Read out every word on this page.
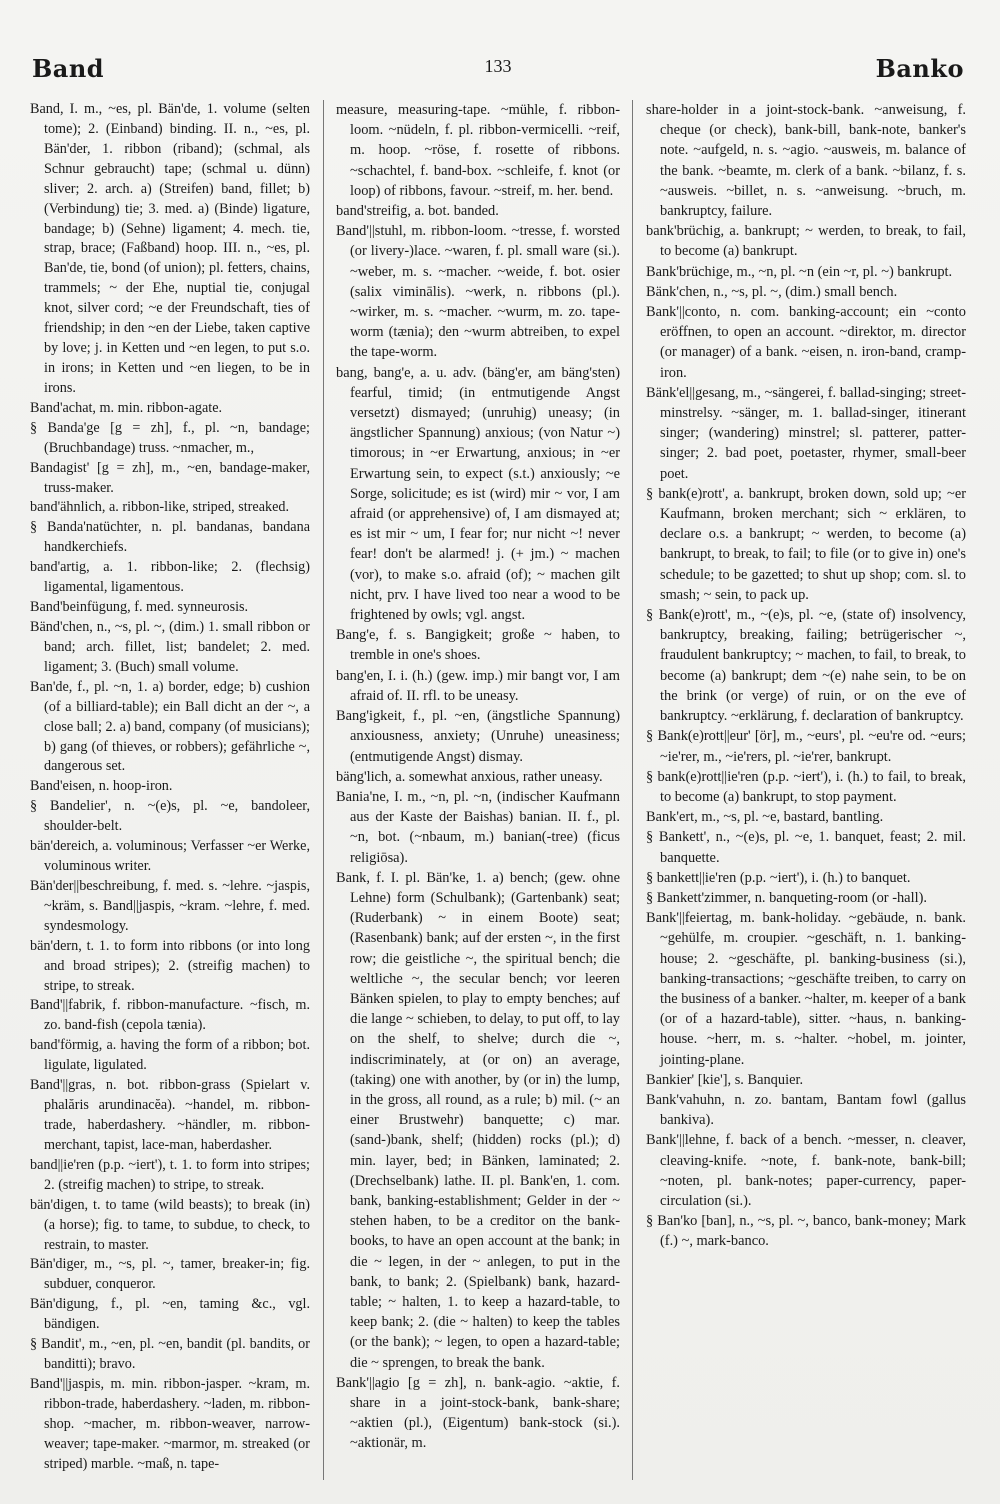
Band	133	Banko

Band, I. m., ~es, pl. Bän'de, 1. volume (selten tome); 2. (Einband) binding. II. n., ~es, pl. Bän'der, 1. ribbon (riband); (schmal, als Schnur gebraucht) tape; (schmal u. dünn) sliver; 2. arch. a) (Streifen) band, fillet; b) (Verbindung) tie; 3. med. a) (Binde) ligature, bandage; b) (Sehne) ligament; 4. mech. tie, strap, brace; (Faßband) hoop. III. n., ~es, pl. Ban'de, tie, bond (of union); pl. fetters, chains, trammels; ~ der Ehe, nuptial tie, conjugal knot, silver cord; ~e der Freundschaft, ties of friendship; in den ~en der Liebe, taken captive by love; j. in Ketten und ~en legen, to put s.o. in irons; in Ketten und ~en liegen, to be in irons.

Band'achat, m. min. ribbon-agate.

§ Banda'ge [g = zh], f., pl. ~n, bandage; (Bruchbandage) truss. ~nmacher, m.,

Bandagist' [g = zh], m., ~en, bandage-maker, truss-maker.

band'ähnlich, a. ribbon-like, striped, streaked.

§ Banda'natüchter, n. pl. bandanas, bandana handkerchiefs.

band'artig, a. 1. ribbon-like; 2. (flechsig) ligamental, ligamentous.

Band'beinfügung, f. med. synneurosis.

Bänd'chen, n., ~s, pl. ~, (dim.) 1. small ribbon or band; arch. fillet, list; bandelet; 2. med. ligament; 3. (Buch) small volume.

Ban'de, f., pl. ~n, 1. a) border, edge; b) cushion (of a billiard-table); ein Ball dicht an der ~, a close ball; 2. a) band, company (of musicians); b) gang (of thieves, or robbers); gefährliche ~, dangerous set.

Band'eisen, n. hoop-iron.

§ Bandelier', n. ~(e)s, pl. ~e, bandoleer, shoulder-belt.

bän'dereich, a. voluminous; Verfasser ~er Werke, voluminous writer.

Bän'der||beschreibung, f. med. s. ~lehre. ~jaspis, ~kräm, s. Band||jaspis, ~kram. ~lehre, f. med. syndesmology.

bän'dern, t. 1. to form into ribbons (or into long and broad stripes); 2. (streifig machen) to stripe, to streak.

Band'||fabrik, f. ribbon-manufacture. ~fisch, m. zo. band-fish (cepola tænia).

band'förmig, a. having the form of a ribbon; bot. ligulate, ligulated.

Band'||gras, n. bot. ribbon-grass (Spielart v. phalăris arundinacĕa). ~handel, m. ribbon-trade, haberdashery. ~händler, m. ribbon-merchant, tapist, lace-man, haberdasher.

band||ie'ren (p.p. ~iert'), t. 1. to form into stripes; 2. (streifig machen) to stripe, to streak.

bän'digen, t. to tame (wild beasts); to break (in) (a horse); fig. to tame, to subdue, to check, to restrain, to master.

Bän'diger, m., ~s, pl. ~, tamer, breaker-in; fig. subduer, conqueror.

Bän'digung, f., pl. ~en, taming &c., vgl. bändigen.

§ Bandit', m., ~en, pl. ~en, bandit (pl. bandits, or banditti); bravo.

Band'||jaspis, m. min. ribbon-jasper. ~kram, m. ribbon-trade, haberdashery. ~laden, m. ribbon-shop. ~macher, m. ribbon-weaver, narrow-weaver; tape-maker. ~marmor, m. streaked (or striped) marble. ~maß, n. tape-

measure, measuring-tape. ~mühle, f. ribbon-loom. ~nüdeln, f. pl. ribbon-vermicelli. ~reif, m. hoop. ~röse, f. rosette of ribbons. ~schachtel, f. band-box. ~schleife, f. knot (or loop) of ribbons, favour. ~streif, m. her. bend.

band'streifig, a. bot. banded.

Band'||stuhl, m. ribbon-loom. ~tresse, f. worsted (or livery-)lace. ~waren, f. pl. small ware (si.). ~weber, m. s. ~macher. ~weide, f. bot. osier (salix viminālis). ~werk, n. ribbons (pl.). ~wirker, m. s. ~macher. ~wurm, m. zo. tape-worm (tænia); den ~wurm abtreiben, to expel the tape-worm.

bang, bang'e, a. u. adv. (bäng'er, am bäng'sten) fearful, timid; (in entmutigende Angst versetzt) dismayed; (unruhig) uneasy; (in ängstlicher Spannung) anxious; (von Natur ~) timorous; in ~er Erwartung, anxious; in ~er Erwartung sein, to expect (s.t.) anxiously; ~e Sorge, solicitude; es ist (wird) mir ~ vor, I am afraid (or apprehensive) of, I am dismayed at; es ist mir ~ um, I fear for; nur nicht ~! never fear! don't be alarmed! j. (+ jm.) ~ machen (vor), to make s.o. afraid (of); ~ machen gilt nicht, prv. I have lived too near a wood to be frightened by owls; vgl. angst.

Bang'e, f. s. Bangigkeit; große ~ haben, to tremble in one's shoes.

bang'en, I. i. (h.) (gew. imp.) mir bangt vor, I am afraid of. II. rfl. to be uneasy.

Bang'igkeit, f., pl. ~en, (ängstliche Spannung) anxiousness, anxiety; (Unruhe) uneasiness; (entmutigende Angst) dismay.

bäng'lich, a. somewhat anxious, rather uneasy.

Bania'ne, I. m., ~n, pl. ~n, (indischer Kaufmann aus der Kaste der Baishas) banian. II. f., pl. ~n, bot. (~nbaum, m.) banian(-tree) (ficus religiōsa).

Bank, f. I. pl. Bän'ke, 1. a) bench; (gew. ohne Lehne) form (Schulbank); (Gartenbank) seat; (Ruderbank) ~ in einem Boote) seat; (Rasenbank) bank; auf der ersten ~, in the first row; die geistliche ~, the spiritual bench; die weltliche ~, the secular bench; vor leeren Bänken spielen, to play to empty benches; auf die lange ~ schieben, to delay, to put off, to lay on the shelf, to shelve; durch die ~, indiscriminately, at (or on) an average, (taking) one with another, by (or in) the lump, in the gross, all round, as a rule; b) mil. (~ an einer Brustwehr) banquette; c) mar. (sand-)bank, shelf; (hidden) rocks (pl.); d) min. layer, bed; in Bänken, laminated; 2. (Drechselbank) lathe. II. pl. Bank'en, 1. com. bank, banking-establishment; Gelder in der ~ stehen haben, to be a creditor on the bank-books, to have an open account at the bank; in die ~ legen, in der ~ anlegen, to put in the bank, to bank; 2. (Spielbank) bank, hazard-table; ~ halten, 1. to keep a hazard-table, to keep bank; 2. (die ~ halten) to keep the tables (or the bank); ~ legen, to open a hazard-table; die ~ sprengen, to break the bank.

Bank'||agio [g = zh], n. bank-agio. ~aktie, f. share in a joint-stock-bank, bank-share; ~aktien (pl.), (Eigentum) bank-stock (si.). ~aktionär, m.

share-holder in a joint-stock-bank. ~anweisung, f. cheque (or check), bank-bill, bank-note, banker's note. ~aufgeld, n. s. ~agio. ~ausweis, m. balance of the bank. ~beamte, m. clerk of a bank. ~bilanz, f. s. ~ausweis. ~billet, n. s. ~anweisung. ~bruch, m. bankruptcy, failure.

bank'brüchig, a. bankrupt; ~ werden, to break, to fail, to become (a) bankrupt.

Bank'brüchige, m., ~n, pl. ~n (ein ~r, pl. ~) bankrupt.

Bänk'chen, n., ~s, pl. ~, (dim.) small bench.

Bank'||conto, n. com. banking-account; ein ~conto eröffnen, to open an account. ~direktor, m. director (or manager) of a bank. ~eisen, n. iron-band, cramp-iron.

Bänk'el||gesang, m., ~sängerei, f. ballad-singing; street-minstrelsy. ~sänger, m. 1. ballad-singer, itinerant singer; (wandering) minstrel; sl. patterer, patter-singer; 2. bad poet, poetaster, rhymer, small-beer poet.

§ bank(e)rott', a. bankrupt, broken down, sold up; ~er Kaufmann, broken merchant; sich ~ erklären, to declare o.s. a bankrupt; ~ werden, to become (a) bankrupt, to break, to fail; to file (or to give in) one's schedule; to be gazetted; to shut up shop; com. sl. to smash; ~ sein, to pack up.

§ Bank(e)rott', m., ~(e)s, pl. ~e, (state of) insolvency, bankruptcy, breaking, failing; betrügerischer ~, fraudulent bankruptcy; ~ machen, to fail, to break, to become (a) bankrupt; dem ~(e) nahe sein, to be on the brink (or verge) of ruin, or on the eve of bankruptcy. ~erklärung, f. declaration of bankruptcy.

§ Bank(e)rott||eur' [ör], m., ~eurs', pl. ~eu're od. ~eurs; ~ie'rer, m., ~ie'rers, pl. ~ie'rer, bankrupt.

§ bank(e)rott||ie'ren (p.p. ~iert'), i. (h.) to fail, to break, to become (a) bankrupt, to stop payment.

Bank'ert, m., ~s, pl. ~e, bastard, bantling.

§ Bankett', n., ~(e)s, pl. ~e, 1. banquet, feast; 2. mil. banquette.

§ bankett||ie'ren (p.p. ~iert'), i. (h.) to banquet.

§ Bankett'zimmer, n. banqueting-room (or -hall).

Bank'||feiertag, m. bank-holiday. ~gebäude, n. bank. ~gehülfe, m. croupier. ~geschäft, n. 1. banking-house; 2. ~geschäfte, pl. banking-business (si.), banking-transactions; ~geschäfte treiben, to carry on the business of a banker. ~halter, m. keeper of a bank (or of a hazard-table), sitter. ~haus, n. banking-house. ~herr, m. s. ~halter. ~hobel, m. jointer, jointing-plane.

Bankier' [kie'], s. Banquier.

Bank'vahuhn, n. zo. bantam, Bantam fowl (gallus bankiva).

Bank'||lehne, f. back of a bench. ~messer, n. cleaver, cleaving-knife. ~note, f. bank-note, bank-bill; ~noten, pl. bank-notes; paper-currency, paper-circulation (si.).

§ Ban'ko [ban], n., ~s, pl. ~, banco, bank-money; Mark (f.) ~, mark-banco.
